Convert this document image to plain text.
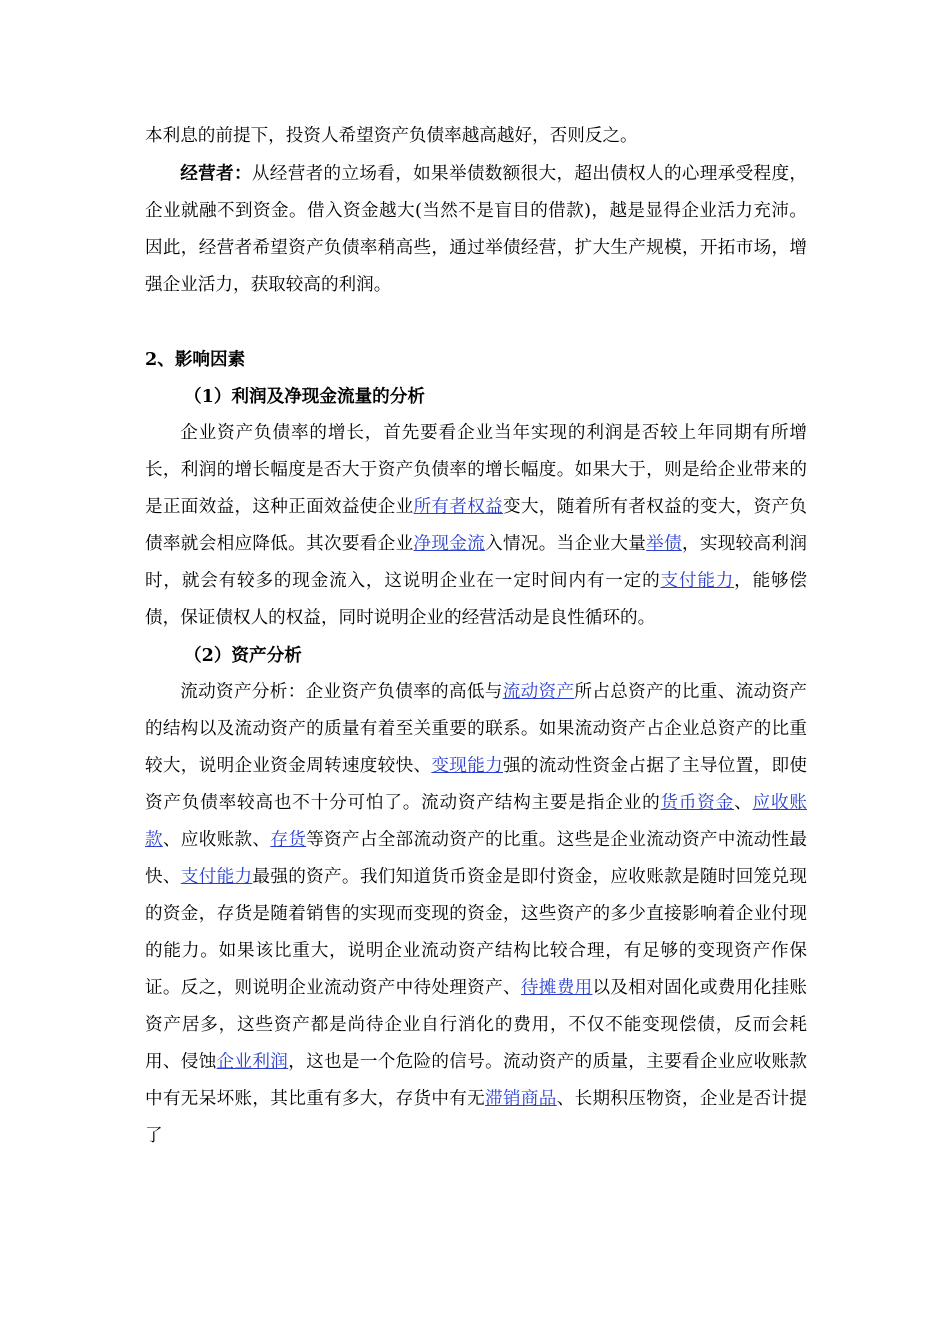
本利息的前提下，投资人希望资产负债率越高越好，否则反之。

经营者：从经营者的立场看，如果举债数额很大，超出债权人的心理承受程度，企业就融不到资金。借入资金越大(当然不是盲目的借款)，越是显得企业活力充沛。因此，经营者希望资产负债率稍高些，通过举债经营，扩大生产规模，开拓市场，增强企业活力，获取较高的利润。

2、影响因素

（1）利润及净现金流量的分析

企业资产负债率的增长，首先要看企业当年实现的利润是否较上年同期有所增长，利润的增长幅度是否大于资产负债率的增长幅度。如果大于，则是给企业带来的是正面效益，这种正面效益使企业所有者权益变大，随着所有者权益的变大，资产负债率就会相应降低。其次要看企业净现金流入情况。当企业大量举债，实现较高利润时，就会有较多的现金流入，这说明企业在一定时间内有一定的支付能力，能够偿债，保证债权人的权益，同时说明企业的经营活动是良性循环的。

（2）资产分析

流动资产分析：企业资产负债率的高低与流动资产所占总资产的比重、流动资产的结构以及流动资产的质量有着至关重要的联系。如果流动资产占企业总资产的比重较大，说明企业资金周转速度较快、变现能力强的流动性资金占据了主导位置，即使资产负债率较高也不十分可怕了。流动资产结构主要是指企业的货币资金、应收账款、应收账款、存货等资产占全部流动资产的比重。这些是企业流动资产中流动性最快、支付能力最强的资产。我们知道货币资金是即付资金，应收账款是随时回笼兑现的资金，存货是随着销售的实现而变现的资金，这些资产的多少直接影响着企业付现的能力。如果该比重大，说明企业流动资产结构比较合理，有足够的变现资产作保证。反之，则说明企业流动资产中待处理资产、待摊费用以及相对固化或费用化挂账资产居多，这些资产都是尚待企业自行消化的费用，不仅不能变现偿债，反而会耗用、侵蚀企业利润，这也是一个危险的信号。流动资产的质量，主要看企业应收账款中有无呆坏账，其比重有多大，存货中有无滞销商品、长期积压物资，企业是否计提了
